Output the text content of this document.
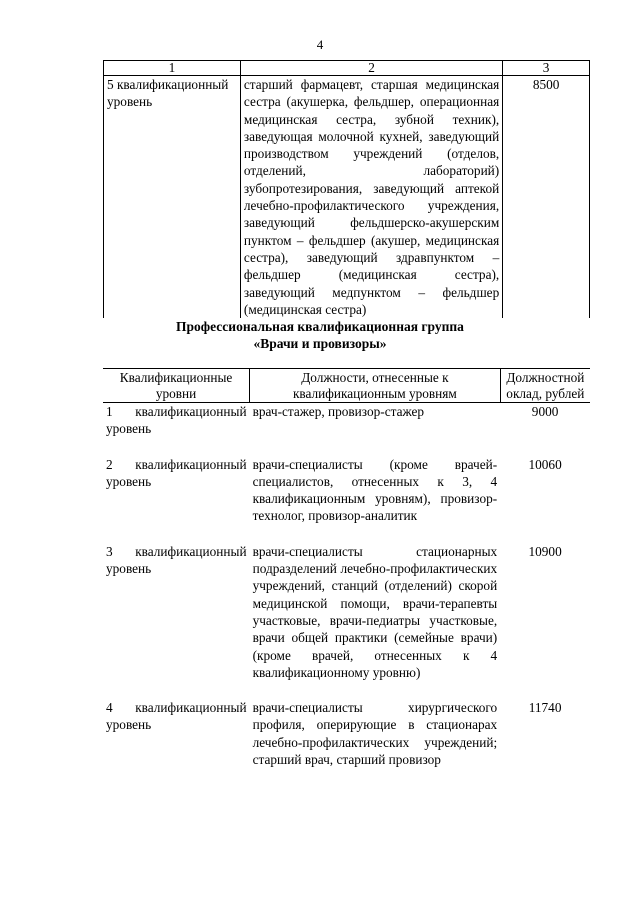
4
1	2	3
5 квалификационный уровень	старший фармацевт, старшая медицинская сестра (акушерка, фельдшер, операционная медицинская сестра, зубной техник), заведующая молочной кухней, заведующий производством учреждений (отделов, отделений, лабораторий) зубопротезирования, заведующий аптекой лечебно-профилактического учреждения, заведующий фельдшерско-акушерским пунктом – фельдшер (акушер, медицинская сестра), заведующий здравпунктом – фельдшер (медицинская сестра), заведующий медпунктом – фельдшер (медицинская сестра)	8500
Профессиональная квалификационная группа
«Врачи и провизоры»
Квалификационные уровни	Должности, отнесенные к квалификационным уровням	Должностной оклад, рублей
1 квалификационный уровень	врач-стажер, провизор-стажер	9000
2 квалификационный уровень	врачи-специалисты (кроме врачей-специалистов, отнесенных к 3, 4 квалификационным уровням), провизор-технолог, провизор-аналитик	10060
3 квалификационный уровень	врачи-специалисты стационарных подразделений лечебно-профилактических учреждений, станций (отделений) скорой медицинской помощи, врачи-терапевты участковые, врачи-педиатры участковые, врачи общей практики (семейные врачи) (кроме врачей, отнесенных к 4 квалификационному уровню)	10900
4 квалификационный уровень	врачи-специалисты хирургического профиля, оперирующие в стационарах лечебно-профилактических учреждений; старший врач, старший провизор	11740
